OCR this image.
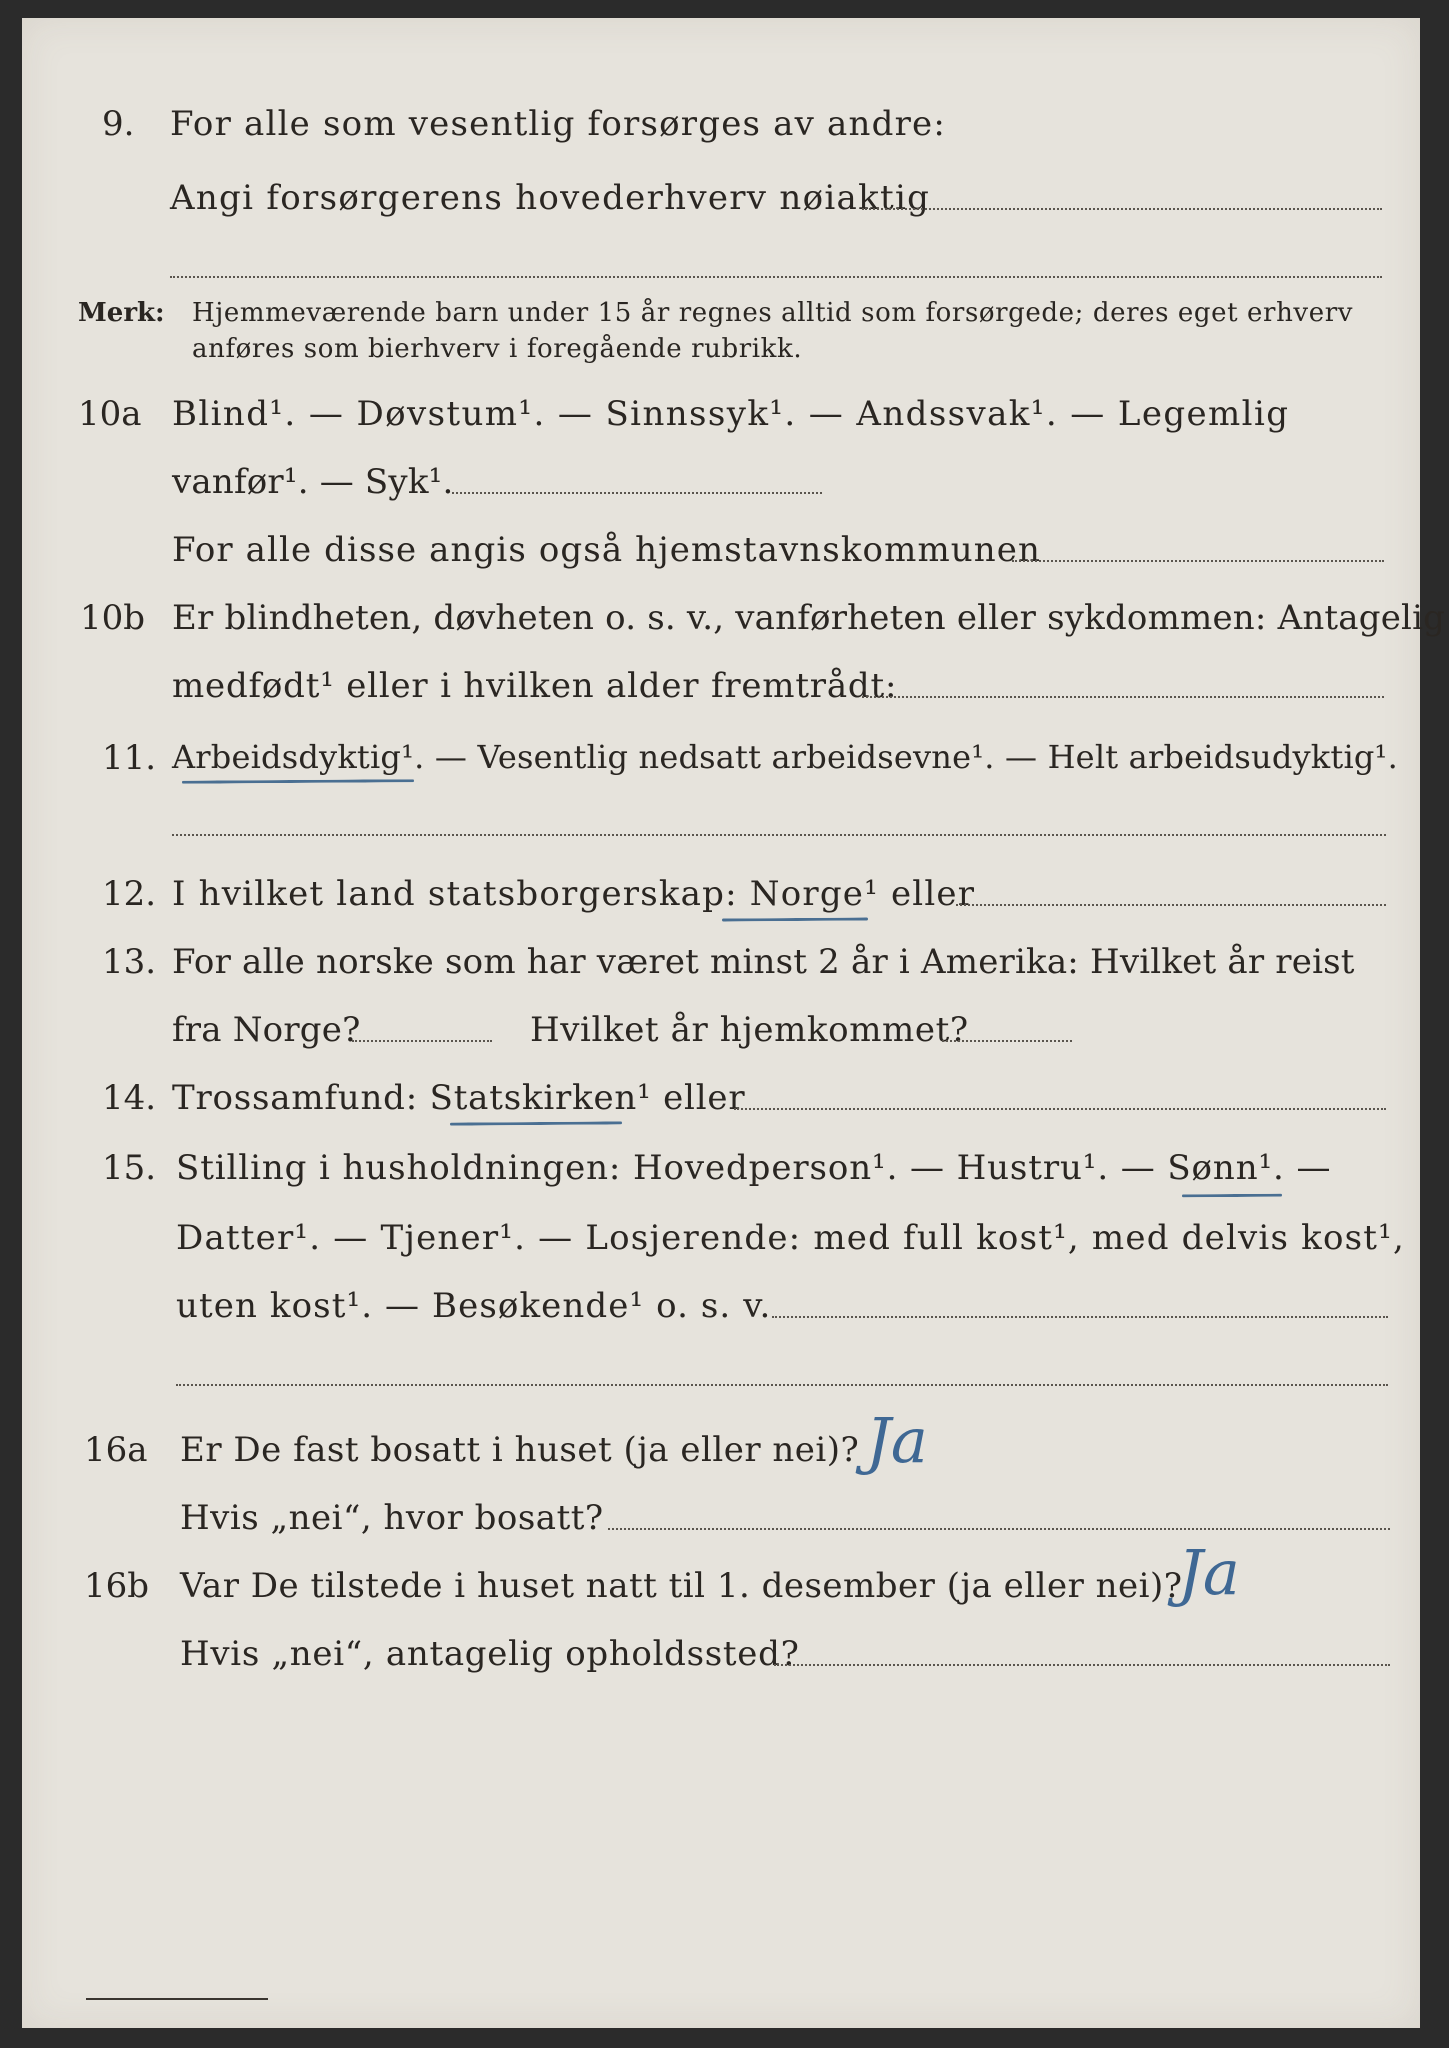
9. For alle som vesentlig forsørges av andre:
Angi forsørgerens hovederhverv nøiaktig
Merk: Hjemmeværende barn under 15 år regnes alltid som forsørgede; deres eget erhverv
anføres som bierhverv i foregående rubrikk.
10a Blind¹. — Døvstum¹. — Sinnssyk¹. — Andssvak¹. — Legemlig
vanfør¹. — Syk¹.
For alle disse angis også hjemstavnskommunen
10b Er blindheten, døvheten o. s. v., vanførheten eller sykdommen: Antagelig
medfødt¹ eller i hvilken alder fremtrådt:
11. Arbeidsdyktig¹. — Vesentlig nedsatt arbeidsevne¹. — Helt arbeidsudyktig¹.
12. I hvilket land statsborgerskap: Norge¹ eller
13. For alle norske som har været minst 2 år i Amerika: Hvilket år reist
fra Norge?	Hvilket år hjemkommet?
14. Trossamfund: Statskirken¹ eller
15. Stilling i husholdningen: Hovedperson¹. — Hustru¹. — Sønn¹. —
Datter¹. — Tjener¹. — Losjerende: med full kost¹, med delvis kost¹,
uten kost¹. — Besøkende¹ o. s. v.
16a Er De fast bosatt i huset (ja eller nei)? Ja
Hvis „nei“, hvor bosatt?
16b Var De tilstede i huset natt til 1. desember (ja eller nei)?
Ja
Hvis „nei“, antagelig opholdssted?
